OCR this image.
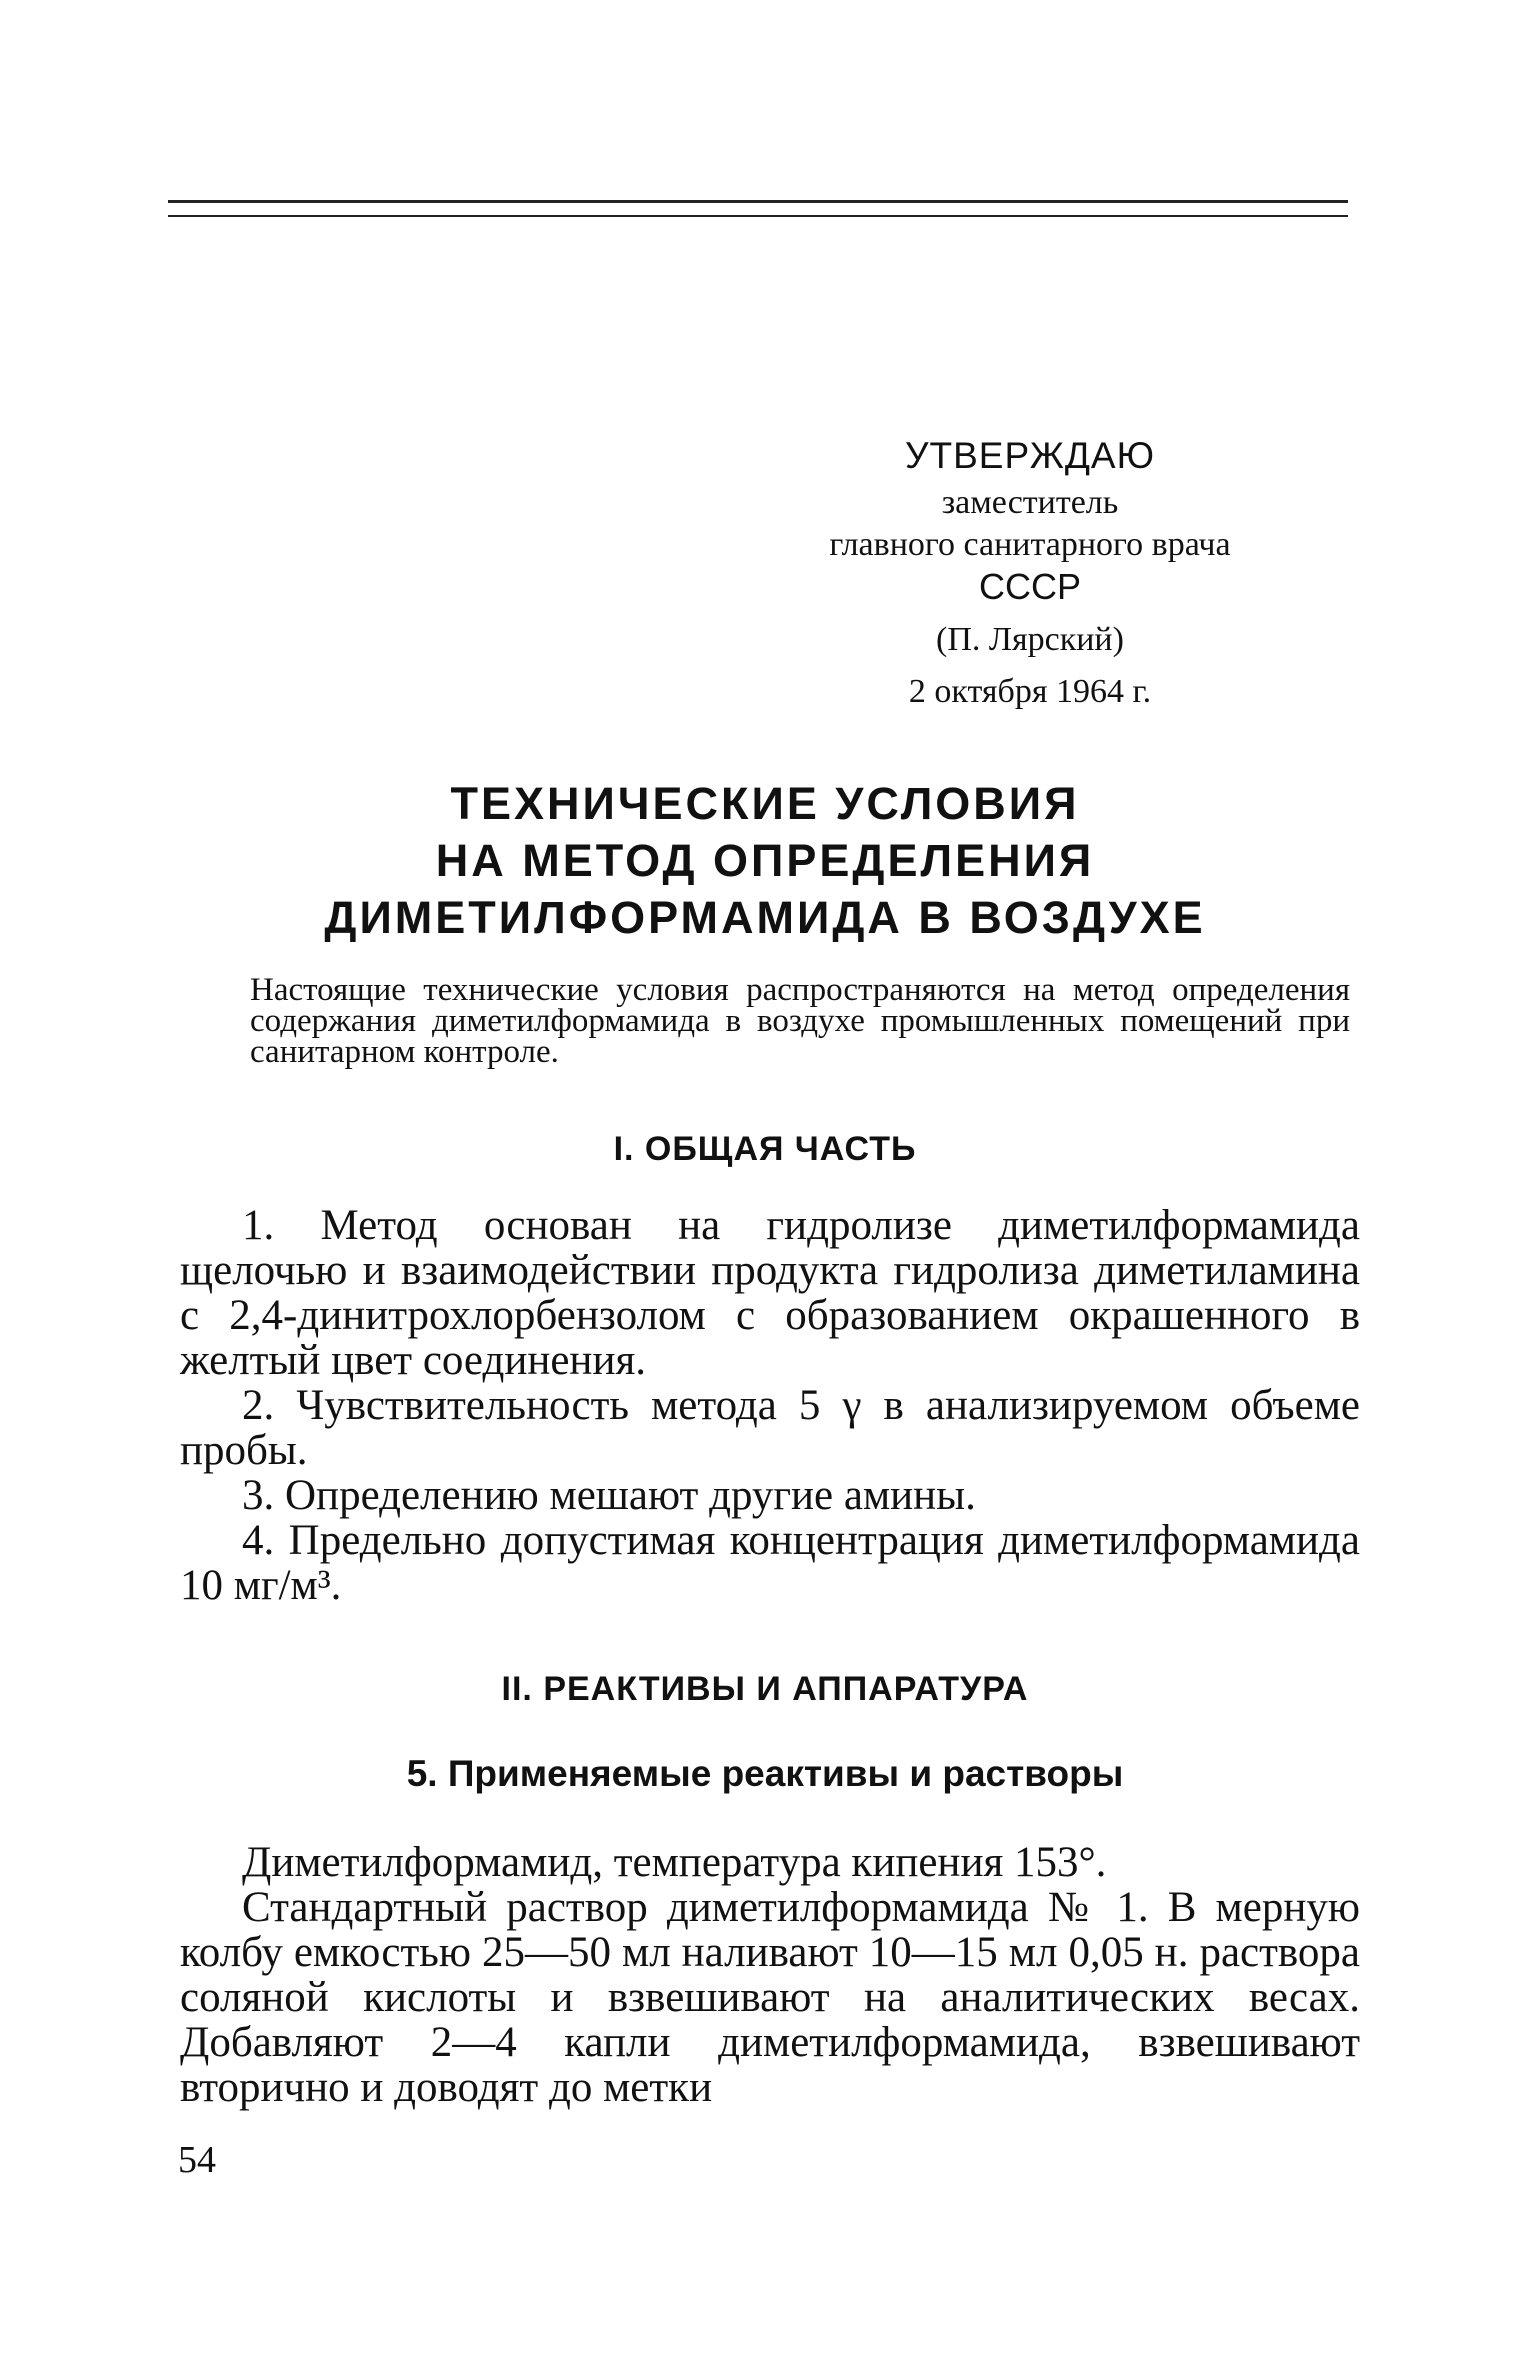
УТВЕРЖДАЮ
заместитель
главного санитарного врача
СССР
(П. Лярский)
2 октября 1964 г.
ТЕХНИЧЕСКИЕ УСЛОВИЯ
НА МЕТОД ОПРЕДЕЛЕНИЯ
ДИМЕТИЛФОРМАМИДА В ВОЗДУХЕ
Настоящие технические условия распространяются на метод определения содержания диметилформамида в воздухе промышленных помещений при санитарном контроле.
I. ОБЩАЯ ЧАСТЬ

1. Метод основан на гидролизе диметилформамида щелочью и взаимодействии продукта гидролиза диметиламина с 2,4-динитрохлорбензолом с образованием окрашенного в желтый цвет соединения.

2. Чувствительность метода 5 γ в анализируемом объеме пробы.

3. Определению мешают другие амины.

4. Предельно допустимая концентрация диметилформамида 10 мг/м³.

II. РЕАКТИВЫ И АППАРАТУРА
5. Применяемые реактивы и растворы

Диметилформамид, температура кипения 153°.

Стандартный раствор диметилформамида № 1. В мерную колбу емкостью 25—50 мл наливают 10—15 мл 0,05 н. раствора соляной кислоты и взвешивают на аналитических весах. Добавляют 2—4 капли диметилформамида, взвешивают вторично и доводят до метки

54
